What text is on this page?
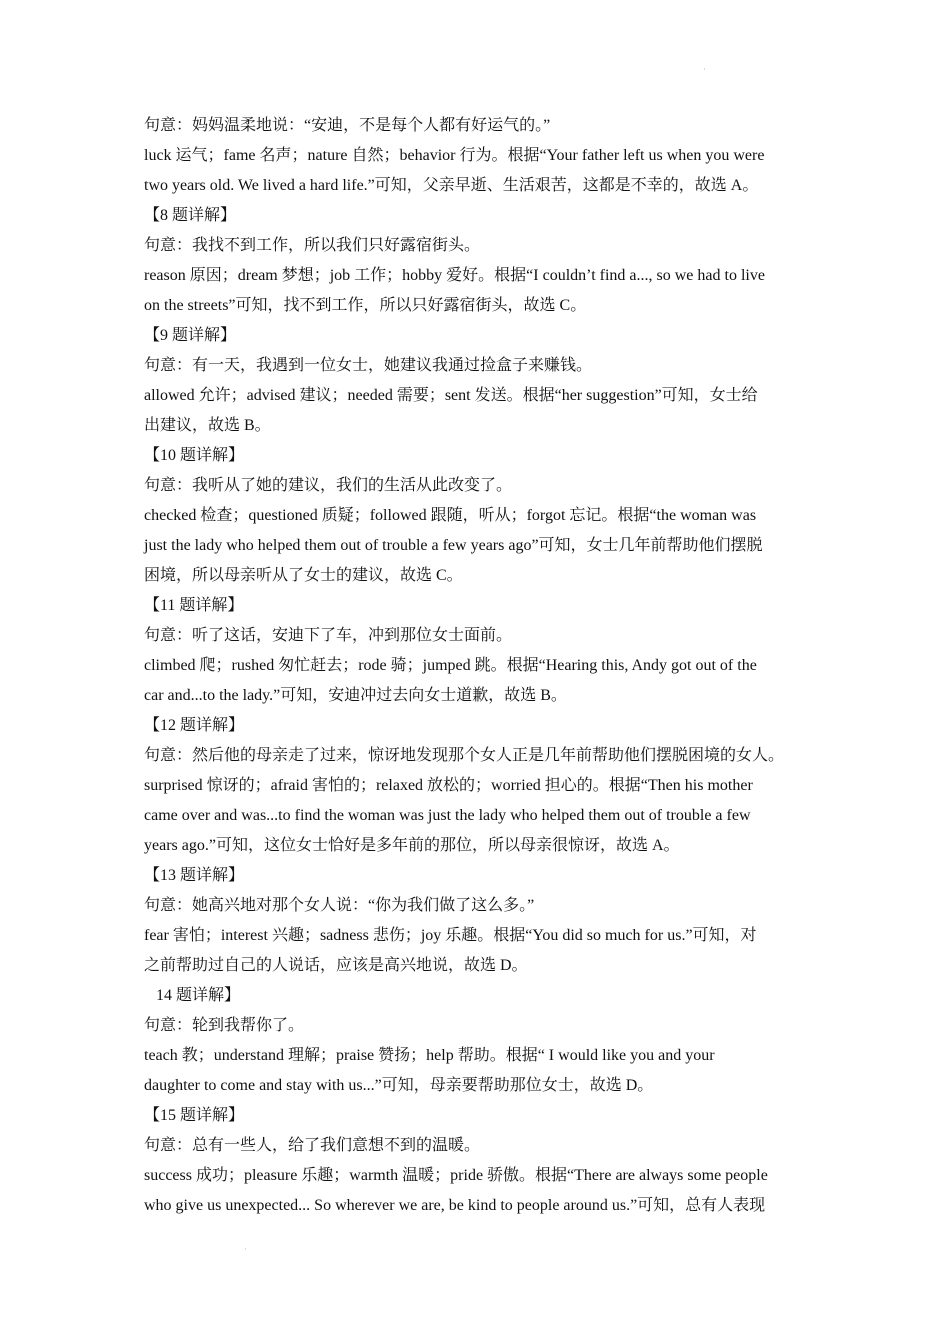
·
句意：妈妈温柔地说：“安迪，不是每个人都有好运气的。”
luck 运气；fame 名声；nature 自然；behavior 行为。根据“Your father left us when you were
two years old. We lived a hard life.”可知，父亲早逝、生活艰苦，这都是不幸的，故选 A。
【8 题详解】
句意：我找不到工作，所以我们只好露宿街头。
reason 原因；dream 梦想；job 工作；hobby 爱好。根据“I couldn’t find a..., so we had to live
on the streets”可知，找不到工作，所以只好露宿街头，故选 C。
【9 题详解】
句意：有一天，我遇到一位女士，她建议我通过捡盒子来赚钱。
allowed 允许；advised 建议；needed 需要；sent 发送。根据“her suggestion”可知，女士给
出建议，故选 B。
【10 题详解】
句意：我听从了她的建议，我们的生活从此改变了。
checked 检查；questioned 质疑；followed 跟随，听从；forgot 忘记。根据“the woman was
just the lady who helped them out of trouble a few years ago”可知，女士几年前帮助他们摆脱
困境，所以母亲听从了女士的建议，故选 C。
【11 题详解】
句意：听了这话，安迪下了车，冲到那位女士面前。
climbed 爬；rushed 匆忙赶去；rode 骑；jumped 跳。根据“Hearing this, Andy got out of the
car and...to the lady.”可知，安迪冲过去向女士道歉，故选 B。
【12 题详解】
句意：然后他的母亲走了过来，惊讶地发现那个女人正是几年前帮助他们摆脱困境的女人。
surprised 惊讶的；afraid 害怕的；relaxed 放松的；worried 担心的。根据“Then his mother
came over and was...to find the woman was just the lady who helped them out of trouble a few
years ago.”可知，这位女士恰好是多年前的那位，所以母亲很惊讶，故选 A。
【13 题详解】
句意：她高兴地对那个女人说：“你为我们做了这么多。”
fear 害怕；interest 兴趣；sadness 悲伤；joy 乐趣。根据“You did so much for us.”可知，对
之前帮助过自己的人说话，应该是高兴地说，故选 D。
14 题详解】
句意：轮到我帮你了。
teach 教；understand 理解；praise 赞扬；help 帮助。根据“ I would like you and your
daughter to come and stay with us...”可知，母亲要帮助那位女士，故选 D。
【15 题详解】
句意：总有一些人，给了我们意想不到的温暖。
success 成功；pleasure 乐趣；warmth 温暖；pride 骄傲。根据“There are always some people
who give us unexpected... So wherever we are, be kind to people around us.”可知，总有人表现
·
